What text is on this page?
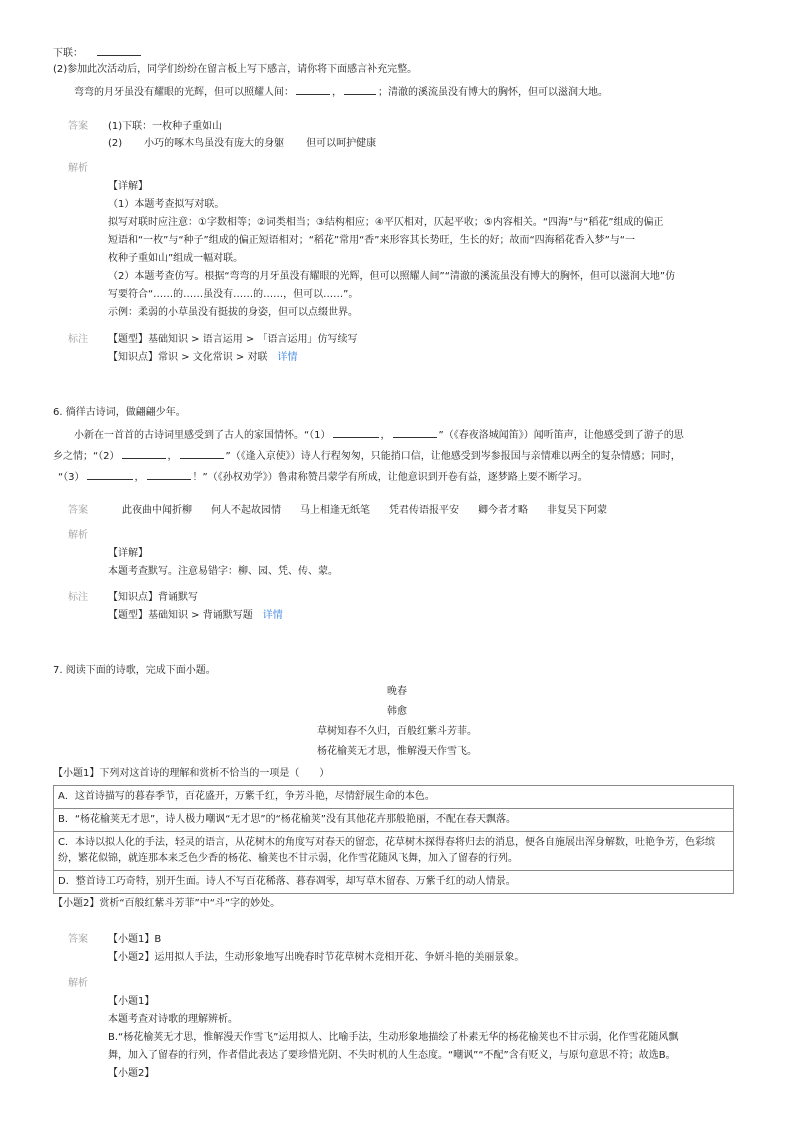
下联：
(2)参加此次活动后，同学们纷纷在留言板上写下感言，请你将下面感言补充完整。
弯弯的月牙虽没有耀眼的光辉，但可以照耀人间：	，	；清澈的溪流虽没有博大的胸怀，但可以滋润大地。
答案 (1)下联：一枚种子重如山
(2) 小巧的啄木鸟虽没有庞大的身躯 但可以呵护健康
解析
【详解】
（1）本题考查拟写对联。
拟写对联时应注意：①字数相等；②词类相当；③结构相应；④平仄相对，仄起平收；⑤内容相关。“四海”与“稻花”组成的偏正
短语和“一枚”与“种子”组成的偏正短语相对；“稻花”常用“香”来形容其长势旺，生长的好；故而“四海稻花香入梦”与“一
枚种子重如山”组成一幅对联。
（2）本题考查仿写。根据“弯弯的月牙虽没有耀眼的光辉，但可以照耀人间”“清澈的溪流虽没有博大的胸怀，但可以滋润大地”仿
写要符合“……的……虽没有……的……，但可以……”。
示例：柔弱的小草虽没有挺拔的身姿，但可以点缀世界。
标注 【题型】基础知识 > 语言运用 > 「语言运用」仿写续写
【知识点】常识 > 文化常识 > 对联 详情
6. 徜徉古诗词，做翩翩少年。
小新在一首首的古诗词里感受到了古人的家国情怀。“（1）	，	”（《春夜洛城闻笛》）闻听笛声，让他感受到了游子的思
乡之情；“（2）	，	”（《逢入京使》）诗人行程匆匆，只能捎口信，让他感受到岑参报国与亲情难以两全的复杂情感；同时，
“（3）	，	！”（《孙权劝学》）鲁肃称赞吕蒙学有所成，让他意识到开卷有益，逐梦路上要不断学习。
答案	此夜曲中闻折柳 何人不起故园情 马上相逢无纸笔 凭君传语报平安 卿今者才略 非复吴下阿蒙
解析
【详解】
本题考查默写。注意易错字：柳、园、凭、传、蒙。
标注 【知识点】背诵默写
【题型】基础知识 > 背诵默写题 详情
7. 阅读下面的诗歌，完成下面小题。
晚春
韩愈
草树知春不久归，百般红紫斗芳菲。
杨花榆荚无才思，惟解漫天作雪飞。
【小题1】下列对这首诗的理解和赏析不恰当的一项是（　　）
A．这首诗描写的暮春季节，百花盛开，万紫千红，争芳斗艳，尽情舒展生命的本色。
B．“杨花榆荚无才思”，诗人极力嘲讽“无才思”的“杨花榆荚”没有其他花卉那般艳丽，不配在春天飘落。
C．本诗以拟人化的手法，轻灵的语言，从花树木的角度写对春天的留恋，花草树木探得春将归去的消息，便各自施展出浑身解数，吐艳争芳，色彩缤纷，繁花似锦，就连那本来乏色少香的杨花、榆荚也不甘示弱，化作雪花随风飞舞，加入了留春的行列。
D．整首诗工巧奇特，别开生面。诗人不写百花稀落、暮春凋零，却写草木留春、万紫千红的动人情景。
【小题2】赏析“百般红紫斗芳菲”中“斗”字的妙处。
答案 【小题1】B
【小题2】运用拟人手法，生动形象地写出晚春时节花草树木竞相开花、争妍斗艳的美丽景象。
解析
【小题1】
本题考查对诗歌的理解辨析。
B.“杨花榆荚无才思，惟解漫天作雪飞”运用拟人、比喻手法，生动形象地描绘了朴素无华的杨花榆荚也不甘示弱，化作雪花随风飘
舞，加入了留春的行列，作者借此表达了要珍惜光阴、不失时机的人生态度。“嘲讽”“不配”含有贬义，与原句意思不符；故选B。
【小题2】
